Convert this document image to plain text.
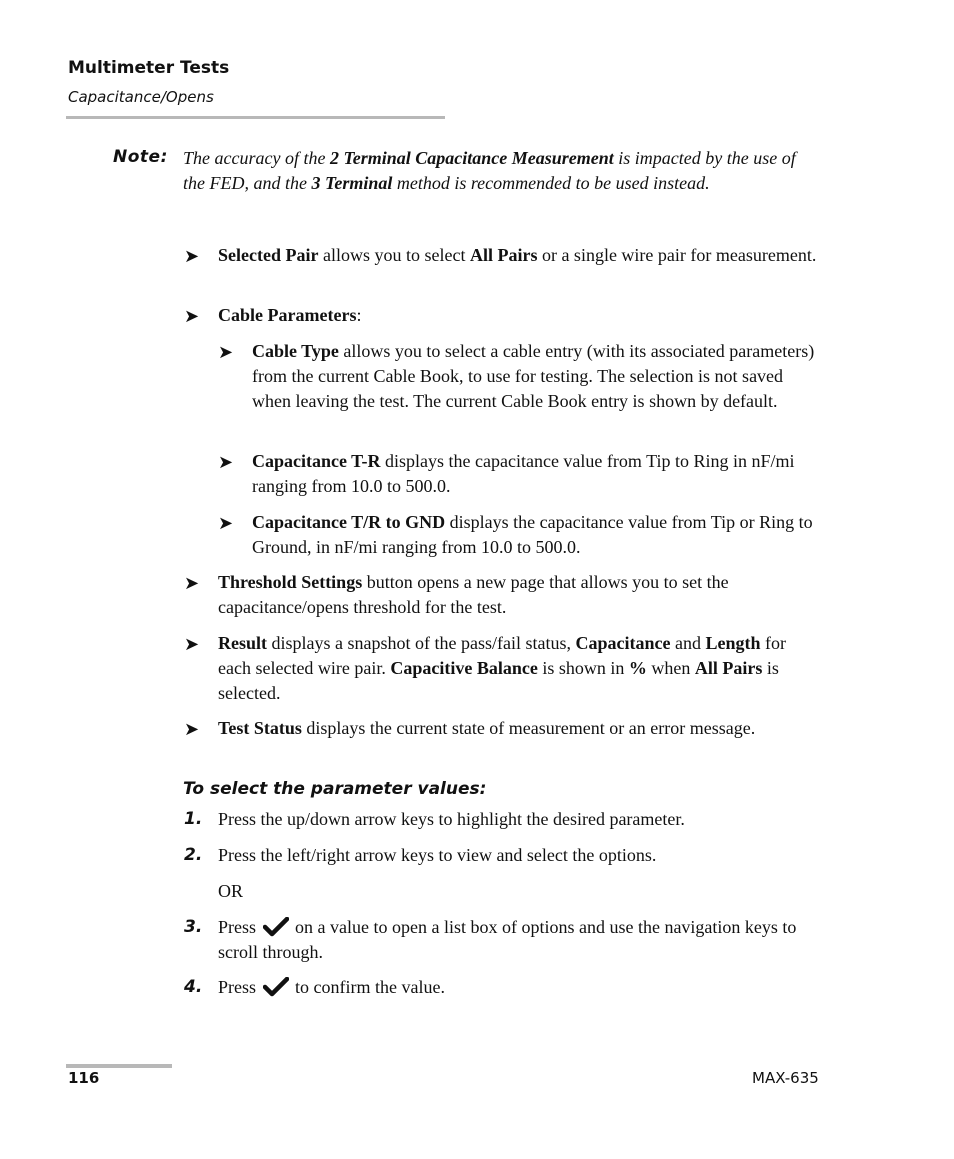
Multimeter Tests
Capacitance/Opens
Note: The accuracy of the 2 Terminal Capacitance Measurement is impacted by the use of the FED, and the 3 Terminal method is recommended to be used instead.
➤ Selected Pair allows you to select All Pairs or a single wire pair for measurement.
➤ Cable Parameters:
➤ Cable Type allows you to select a cable entry (with its associated parameters) from the current Cable Book, to use for testing. The selection is not saved when leaving the test. The current Cable Book entry is shown by default.
➤ Capacitance T-R displays the capacitance value from Tip to Ring in nF/mi ranging from 10.0 to 500.0.
➤ Capacitance T/R to GND displays the capacitance value from Tip or Ring to Ground, in nF/mi ranging from 10.0 to 500.0.
➤ Threshold Settings button opens a new page that allows you to set the capacitance/opens threshold for the test.
➤ Result displays a snapshot of the pass/fail status, Capacitance and Length for each selected wire pair. Capacitive Balance is shown in % when All Pairs is selected.
➤ Test Status displays the current state of measurement or an error message.
To select the parameter values:
1. Press the up/down arrow keys to highlight the desired parameter.
2. Press the left/right arrow keys to view and select the options.
OR
3. Press  on a value to open a list box of options and use the navigation keys to scroll through.
4. Press  to confirm the value.
116	MAX-635
